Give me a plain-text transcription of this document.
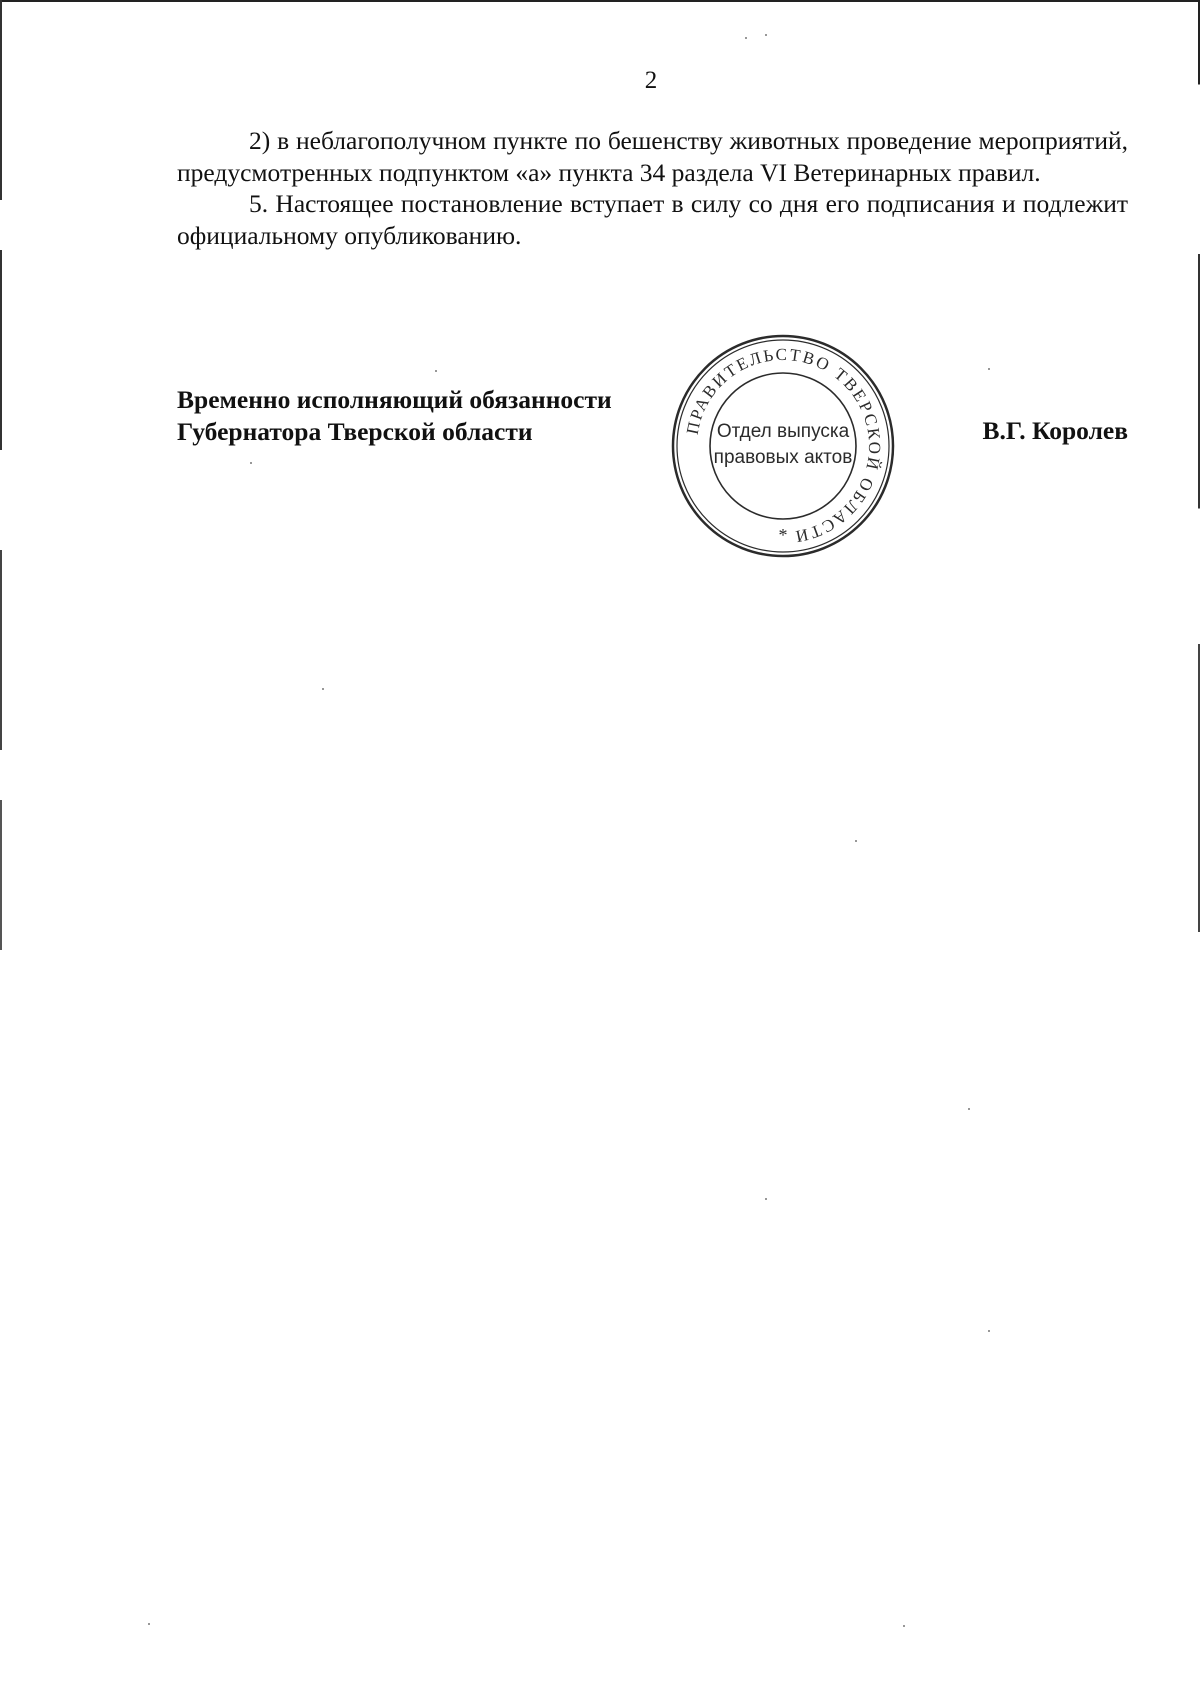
2

2) в неблагополучном пункте по бешенству животных проведение мероприятий, предусмотренных подпунктом «а» пункта 34 раздела VI Ветеринарных правил.

5. Настоящее постановление вступает в силу со дня его подписания и подлежит официальному опубликованию.

Временно исполняющий обязанности
Губернатора Тверской области	В.Г. Королев
ПРАВИТЕЛЬСТВО ТВЕРСКОЙ ОБЛАСТИ
Отдел выпуска
правовых актов
*
